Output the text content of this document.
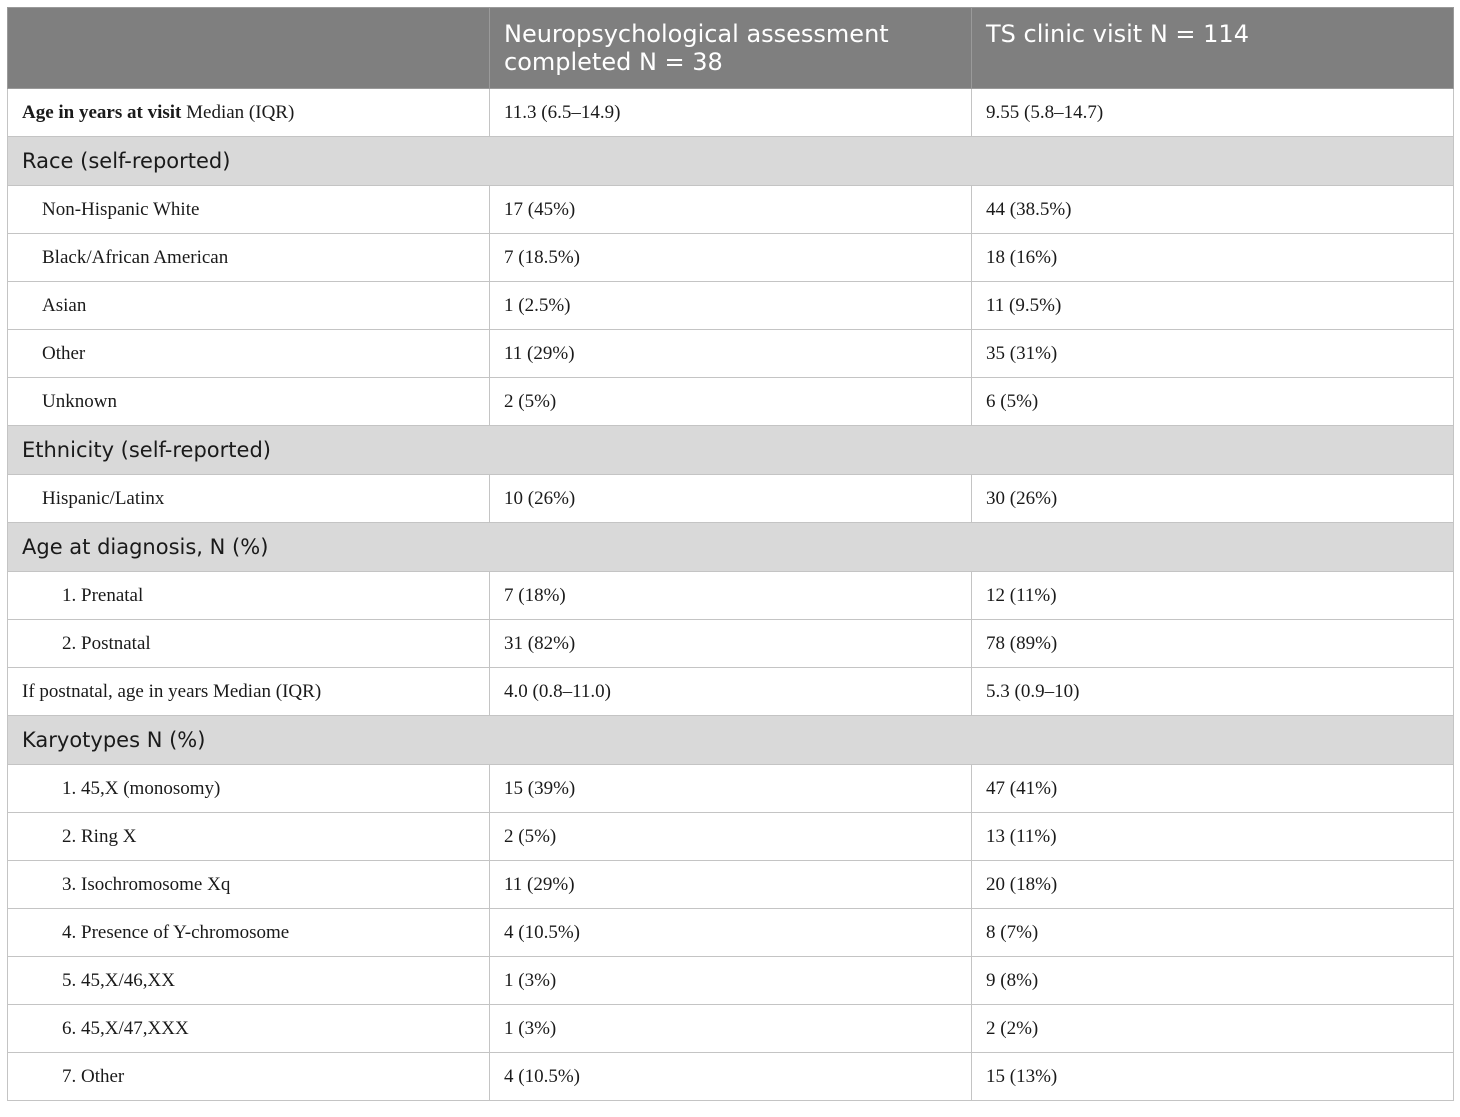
	Neuropsychological assessment completed N = 38	TS clinic visit N = 114
Age in years at visit Median (IQR)	11.3 (6.5–14.9)	9.55 (5.8–14.7)
Race (self-reported)		
Non-Hispanic White	17 (45%)	44 (38.5%)
Black/African American	7 (18.5%)	18 (16%)
Asian	1 (2.5%)	11 (9.5%)
Other	11 (29%)	35 (31%)
Unknown	2 (5%)	6 (5%)
Ethnicity (self-reported)		
Hispanic/Latinx	10 (26%)	30 (26%)
Age at diagnosis, N (%)		
1. Prenatal	7 (18%)	12 (11%)
2. Postnatal	31 (82%)	78 (89%)
If postnatal, age in years Median (IQR)	4.0 (0.8–11.0)	5.3 (0.9–10)
Karyotypes N (%)		
1. 45,X (monosomy)	15 (39%)	47 (41%)
2. Ring X	2 (5%)	13 (11%)
3. Isochromosome Xq	11 (29%)	20 (18%)
4. Presence of Y-chromosome	4 (10.5%)	8 (7%)
5. 45,X/46,XX	1 (3%)	9 (8%)
6. 45,X/47,XXX	1 (3%)	2 (2%)
7. Other	4 (10.5%)	15 (13%)
